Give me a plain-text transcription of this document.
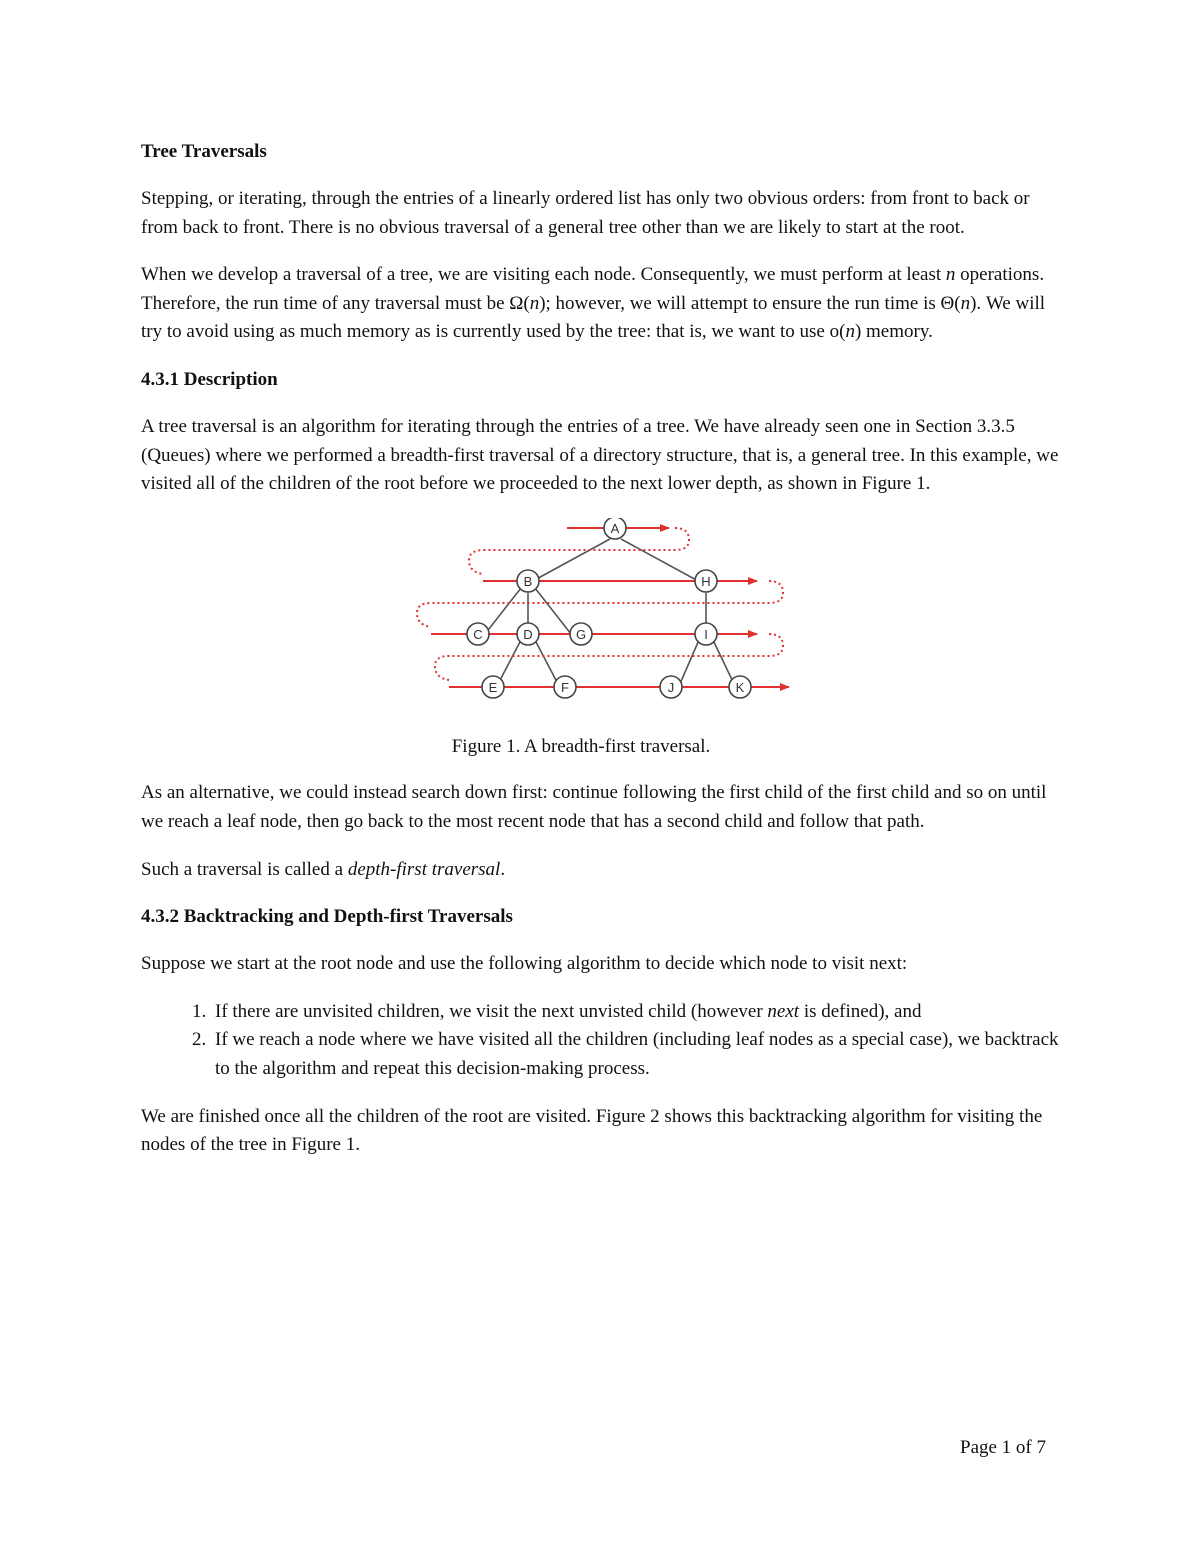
Tree Traversals

Stepping, or iterating, through the entries of a linearly ordered list has only two obvious orders: from front to back or from back to front. There is no obvious traversal of a general tree other than we are likely to start at the root.

When we develop a traversal of a tree, we are visiting each node. Consequently, we must perform at least n operations. Therefore, the run time of any traversal must be Ω(n); however, we will attempt to ensure the run time is Θ(n). We will try to avoid using as much memory as is currently used by the tree: that is, we want to use o(n) memory.

4.3.1 Description

A tree traversal is an algorithm for iterating through the entries of a tree. We have already seen one in Section 3.3.5 (Queues) where we performed a breadth-first traversal of a directory structure, that is, a general tree. In this example, we visited all of the children of the root before we proceeded to the next lower depth, as shown in Figure 1.

A
B	H
C	D	G	I
E	F	J	K

Figure 1. A breadth-first traversal.

As an alternative, we could instead search down first: continue following the first child of the first child and so on until we reach a leaf node, then go back to the most recent node that has a second child and follow that path.

Such a traversal is called a depth-first traversal.

4.3.2 Backtracking and Depth-first Traversals

Suppose we start at the root node and use the following algorithm to decide which node to visit next:

1. If there are unvisited children, we visit the next unvisted child (however next is defined), and
2. If we reach a node where we have visited all the children (including leaf nodes as a special case), we backtrack to the algorithm and repeat this decision-making process.

We are finished once all the children of the root are visited. Figure 2 shows this backtracking algorithm for visiting the nodes of the tree in Figure 1.

Page 1 of 7
